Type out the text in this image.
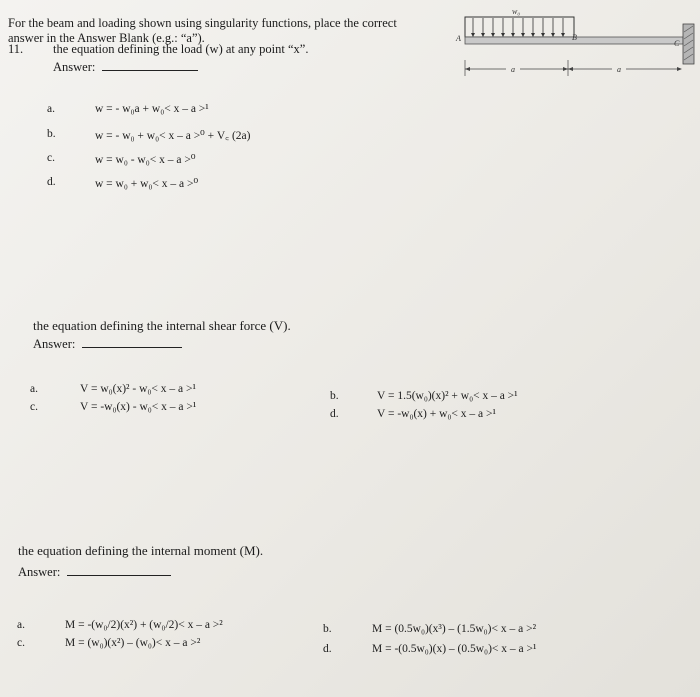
For the beam and loading shown using singularity functions, place the correct
answer in the Answer Blank (e.g.: “a”).
w₀
A	B
C
a	a
11. the equation defining the load (w) at any point “x”.
Answer:
a.	w = - w₀a + w₀< x – a >¹
b.	w = - w₀ + w₀< x – a >⁰ + V꜀ (2a)
c.	w = w₀ - w₀< x – a >⁰
d.	w = w₀ + w₀< x – a >⁰
the equation defining the internal shear force (V).
Answer:
a.	V = w₀(x)² - w₀< x – a >¹
c.	V = -w₀(x) - w₀< x – a >¹
b.	V = 1.5(w₀)(x)² + w₀< x – a >¹
d.	V = -w₀(x) + w₀< x – a >¹
the equation defining the internal moment (M).
Answer:
a.	M = -(w₀/2)(x²) + (w₀/2)< x – a >²
c.	M = (w₀)(x²) – (w₀)< x – a >²
b.	M = (0.5w₀)(x³) – (1.5w₀)< x – a >²
d.	M = -(0.5w₀)(x) – (0.5w₀)< x – a >¹
